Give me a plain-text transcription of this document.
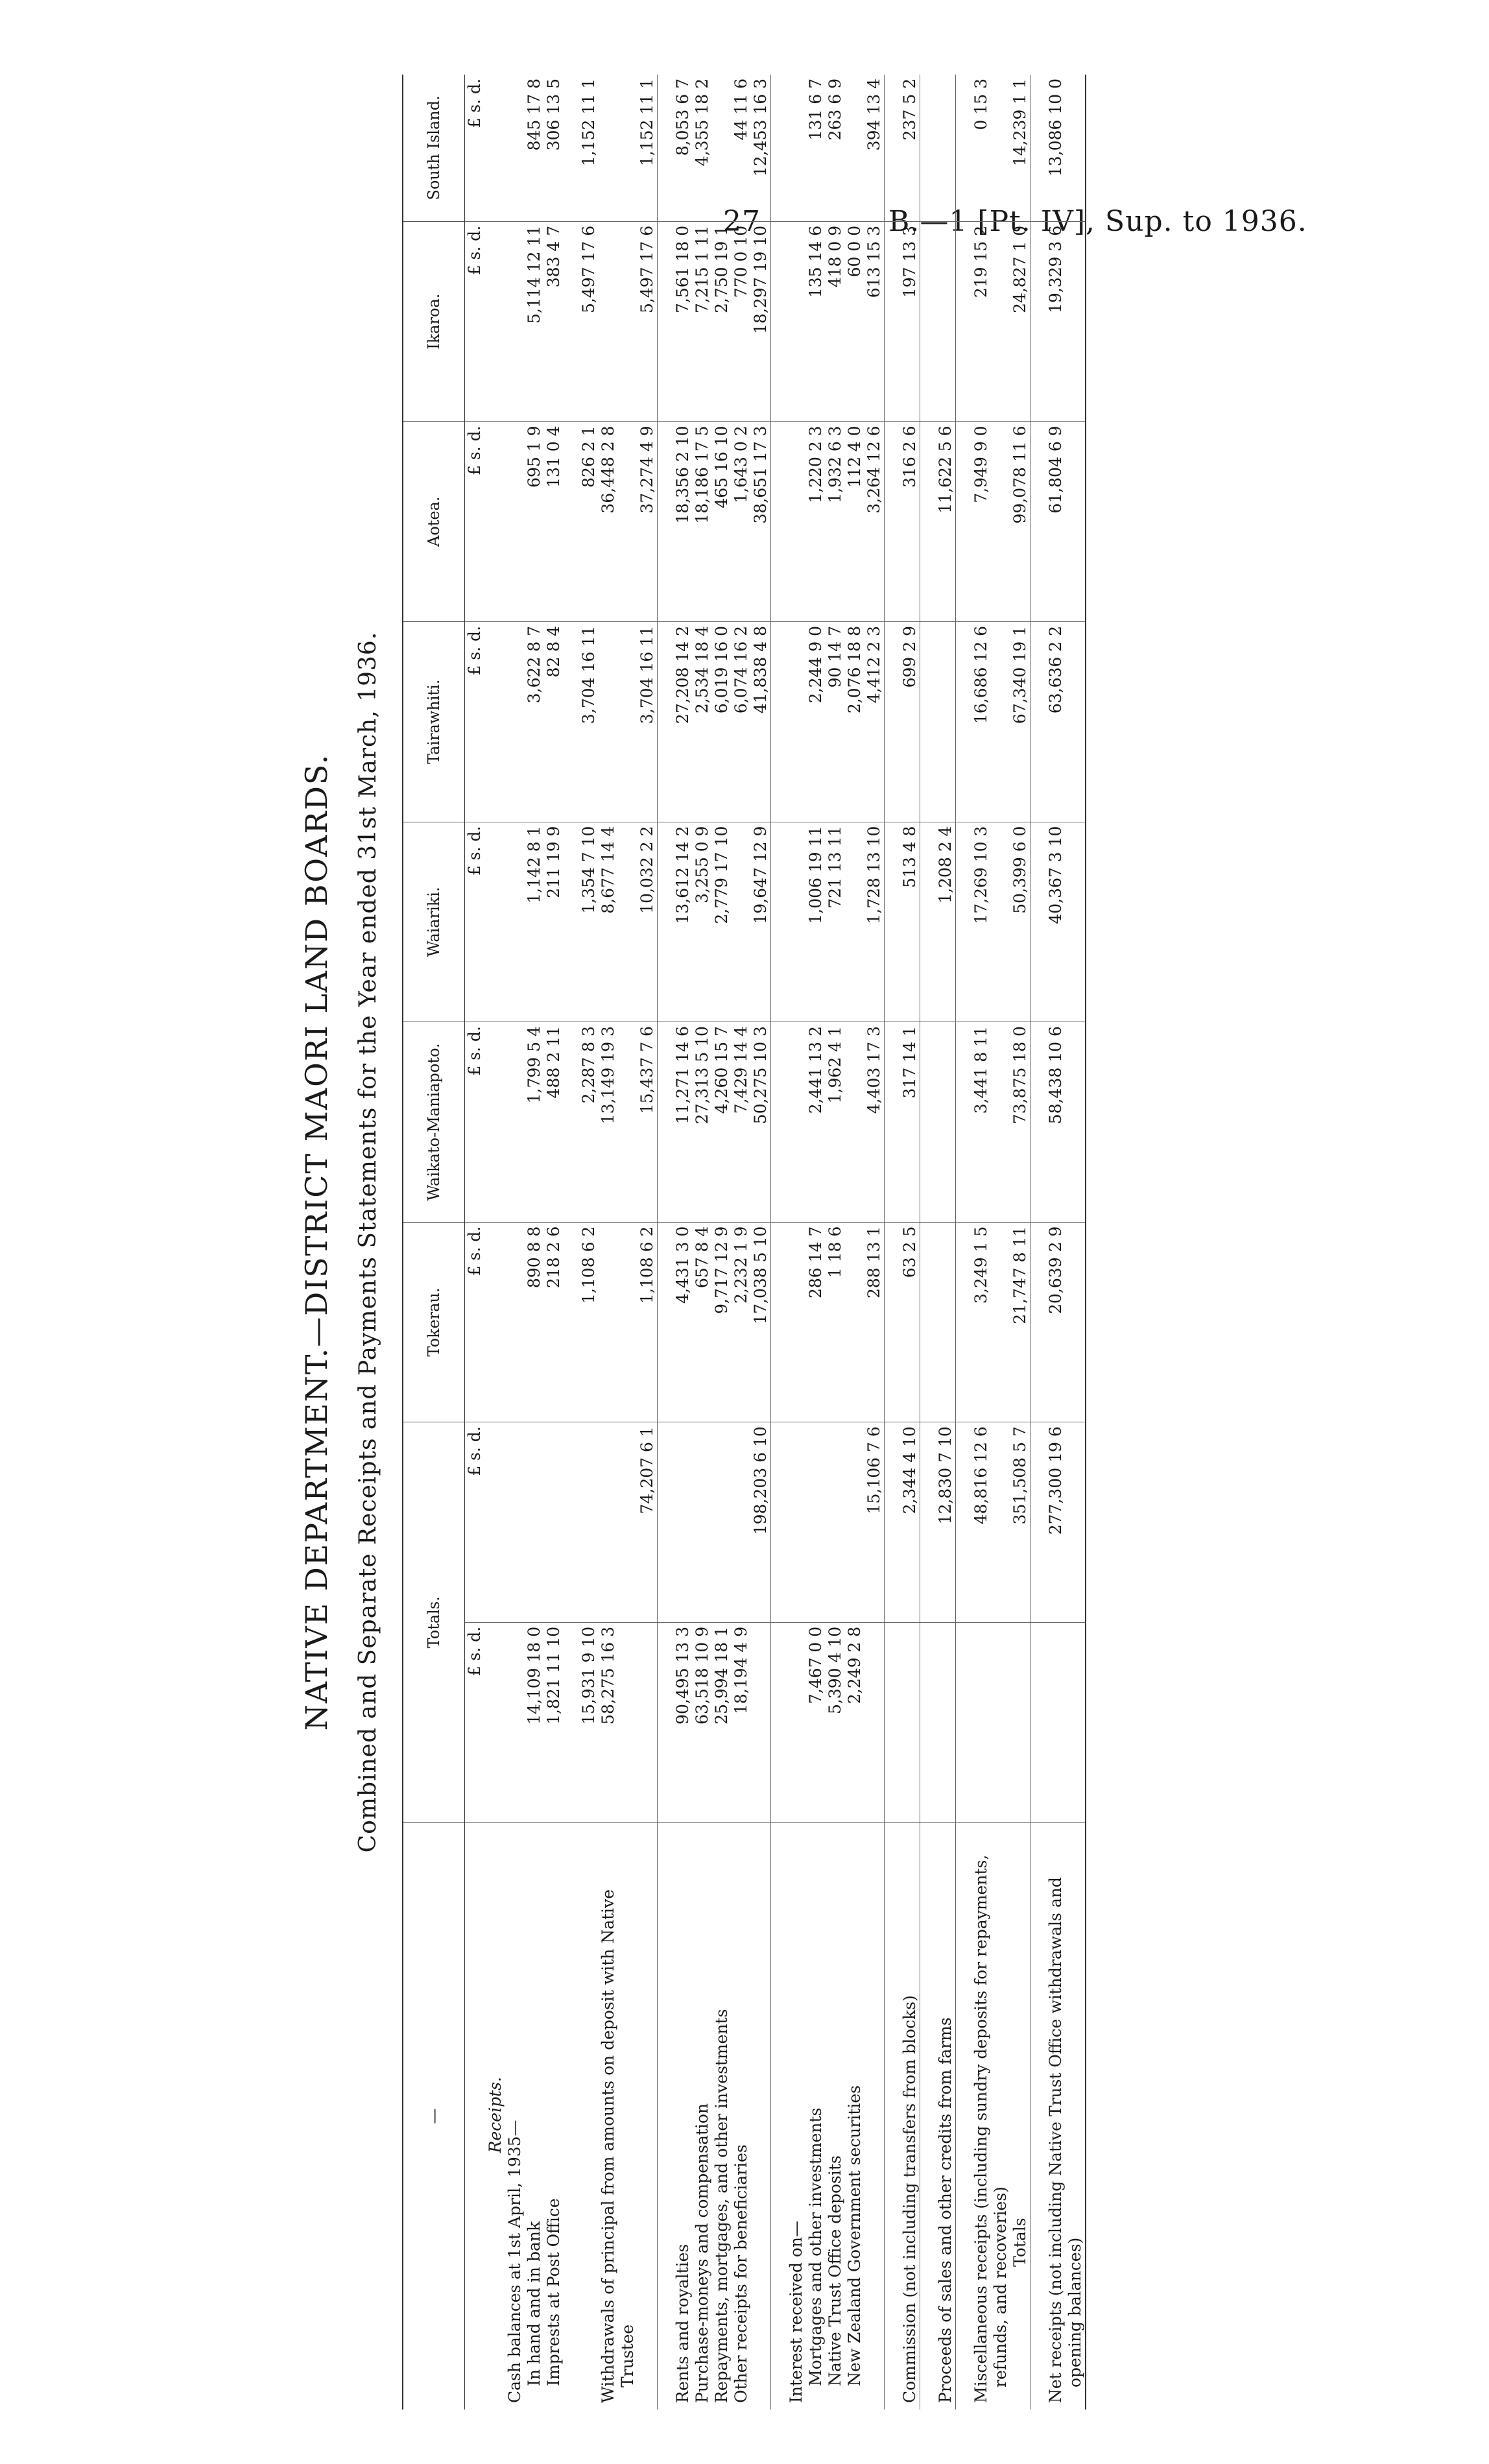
27	B.—1 [Pt. IV], Sup. to 1936.
NATIVE DEPARTMENT.—DISTRICT MAORI LAND BOARDS. Combined and Separate Receipts and Payments Statements for the Year ended 31st March, 1936.
—	Totals.		Tokerau.	Waikato-Maniapoto.	Waiariki.	Tairawhiti.	Aotea.	Ikaroa.	South Island.
	£ s. d.	£ s. d.	£ s. d.	£ s. d.	£ s. d.	£ s. d.	£ s. d.	£ s. d.	£ s. d.
Receipts.									
Cash balances at 1st April, 1935—									
In hand and in bank	14,109 18 0		890 8 8	1,799 5 4	1,142 8 1	3,622 8 7	695 1 9	5,114 12 11	845 17 8
Imprests at Post Office	1,821 11 10		218 2 6	488 2 11	211 19 9	82 8 4	131 0 4	383 4 7	306 13 5

	15,931 9 10		1,108 6 2	2,287 8 3	1,354 7 10	3,704 16 11	826 2 1	5,497 17 6	1,152 11 1
Withdrawals of principal from amounts on deposit with Native Trustee	58,275 16 3			13,149 19 3	8,677 14 4		36,448 2 8		
		74,207 6 1	1,108 6 2	15,437 7 6	10,032 2 2	3,704 16 11	37,274 4 9	5,497 17 6	1,152 11 1

Rents and royalties	90,495 13 3		4,431 3 0	11,271 14 6	13,612 14 2	27,208 14 2	18,356 2 10	7,561 18 0	8,053 6 7
Purchase-moneys and compensation	63,518 10 9		657 8 4	27,313 5 10	3,255 0 9	2,534 18 4	18,186 17 5	7,215 1 11	4,355 18 2
Repayments, mortgages, and other investments	25,994 18 1		9,717 12 9	4,260 15 7	2,779 17 10	6,019 16 0	465 16 10	2,750 19 1	
Other receipts for beneficiaries	18,194 4 9		2,232 1 9	7,429 14 4		6,074 16 2	1,643 0 2	770 0 10	44 11 6
		198,203 6 10	17,038 5 10	50,275 10 3	19,647 12 9	41,838 4 8	38,651 17 3	18,297 19 10	12,453 16 3

Interest received on—									
Mortgages and other investments	7,467 0 0		286 14 7	2,441 13 2	1,006 19 11	2,244 9 0	1,220 2 3	135 14 6	131 6 7
Native Trust Office deposits	5,390 4 10		1 18 6	1,962 4 1	721 13 11	90 14 7	1,932 6 3	418 0 9	263 6 9
New Zealand Government securities	2,249 2 8					2,076 18 8	112 4 0	60 0 0	
		15,106 7 6	288 13 1	4,403 17 3	1,728 13 10	4,412 2 3	3,264 12 6	613 15 3	394 13 4

Commission (not including transfers from blocks)		2,344 4 10	63 2 5	317 14 1	513 4 8	699 2 9	316 2 6	197 13 3	237 5 2

Proceeds of sales and other credits from farms		12,830 7 10			1,208 2 4		11,622 5 6		

Miscellaneous receipts (including sundry deposits for repayments, refunds, and recoveries)		48,816 12 6	3,249 1 5	3,441 8 11	17,269 10 3	16,686 12 6	7,949 9 0	219 15 2	0 15 3
Totals		351,508 5 7	21,747 8 11	73,875 18 0	50,399 6 0	67,340 19 1	99,078 11 6	24,827 1 0	14,239 1 1

Net receipts (not including Native Trust Office withdrawals and opening balances)		277,300 19 6	20,639 2 9	58,438 10 6	40,367 3 10	63,636 2 2	61,804 6 9	19,329 3 6	13,086 10 0
